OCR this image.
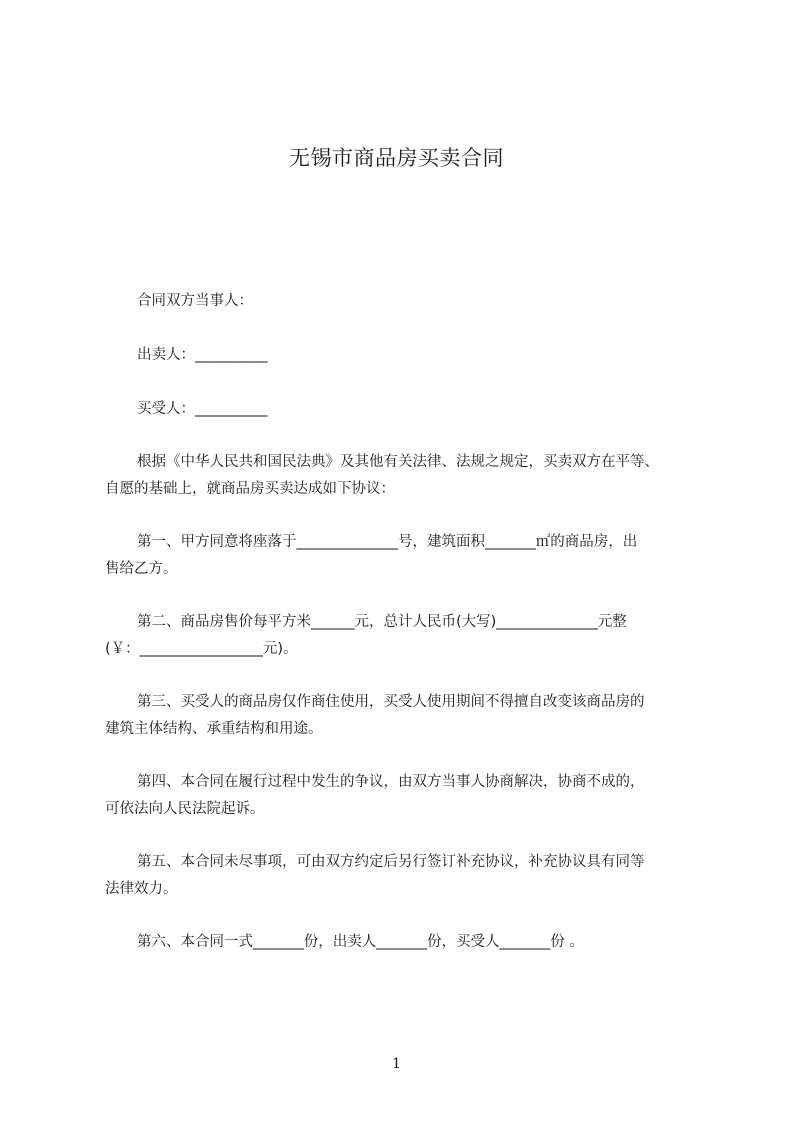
无锡市商品房买卖合同
合同双方当事人：
出卖人：__________
买受人：__________
根据《中华人民共和国民法典》及其他有关法律、法规之规定，买卖双方在平等、
自愿的基础上，就商品房买卖达成如下协议：
第一、甲方同意将座落于______________号，建筑面积_______㎡的商品房，出
售给乙方。
第二、商品房售价每平方米______元，总计人民币(大写)______________元整
(￥：_________________元)。
第三、买受人的商品房仅作商住使用，买受人使用期间不得擅自改变该商品房的
建筑主体结构、承重结构和用途。
第四、本合同在履行过程中发生的争议，由双方当事人协商解决，协商不成的，
可依法向人民法院起诉。
第五、本合同未尽事项，可由双方约定后另行签订补充协议，补充协议具有同等
法律效力。
第六、本合同一式_______份，出卖人_______份，买受人_______份 。
1
